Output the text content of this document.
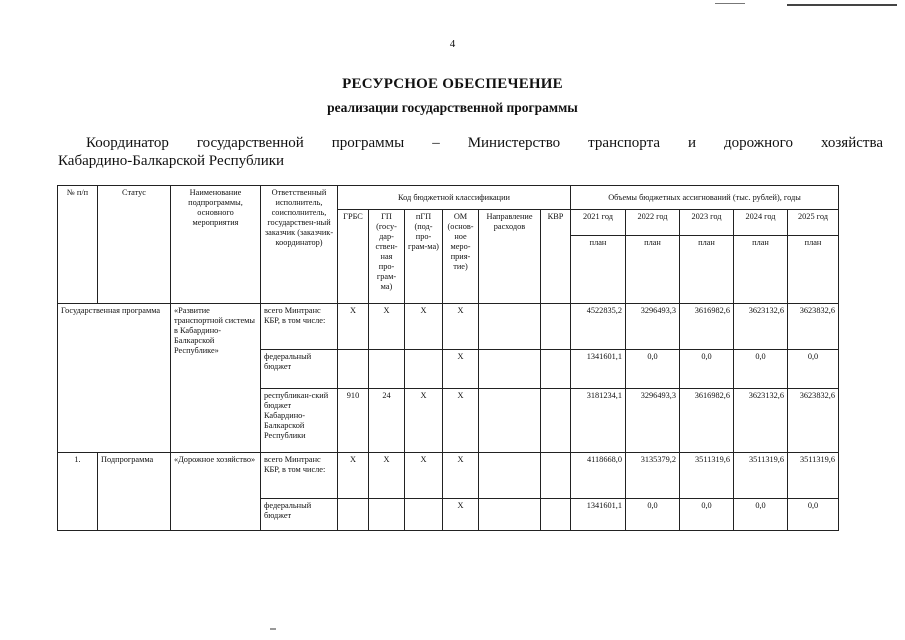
4
РЕСУРСНОЕ ОБЕСПЕЧЕНИЕ
реализации государственной программы
Координатор	государственной	программы	–	Министерство	транспорта	и	дорожного	хозяйства
Кабардино-Балкарской Республики
№ п/п	Статус	Наименование подпрограммы, основного мероприятия	Ответственный исполнитель, соисполнитель, государствен-ный заказчик (заказчик-координатор)	Код бюджетной классификации						Объемы бюджетных ассигнований (тыс. рублей), годы				
				ГРБС	ГП (госу-дар-ствен-ная про-грам-ма)	пГП (под-про-грам-ма)	ОМ (основ-ное меро-прия-тие)	Направление расходов	КВР	2021 год	2022 год	2023 год	2024 год	2025 год
										план	план	план	план	план
Государственная программа		«Развитие транспортной системы в Кабардино-Балкарской Республике»	всего Минтранс КБР, в том числе:	X	X	X	X			4522835,2	3296493,3	3616982,6	3623132,6	3623832,6
			федеральный бюджет				X			1341601,1	0,0	0,0	0,0	0,0
			республикан-ский бюджет Кабардино-Балкарской Республики	910	24	X	X			3181234,1	3296493,3	3616982,6	3623132,6	3623832,6
1.	Подпрограмма	«Дорожное хозяйство»	всего Минтранс КБР, в том числе:	X	X	X	X			4118668,0	3135379,2	3511319,6	3511319,6	3511319,6
			федеральный бюджет				X			1341601,1	0,0	0,0	0,0	0,0
